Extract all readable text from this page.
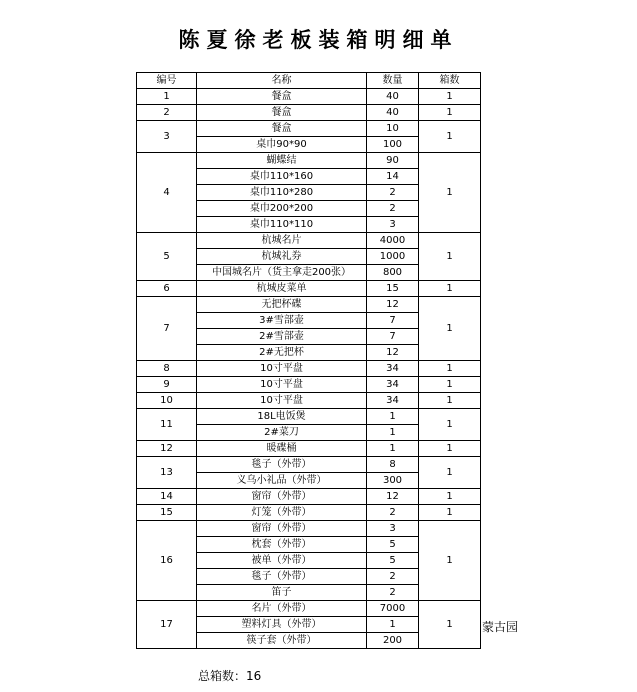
陈夏徐老板装箱明细单
编号	名称	数量	箱数
1	餐盒	40	1
2	餐盒	40	1
3	餐盒	10	1
	桌巾90*90	100	
4	蝴蝶结	90	1
	桌巾110*160	14	
	桌巾110*280	2	
	桌巾200*200	2	
	桌巾110*110	3	
5	杭城名片	4000	1
	杭城礼券	1000	
	中国城名片（货主拿走200张）	800	
6	杭城皮菜单	15	1
7	无把杯碟	12	1
	3#雪部壶	7	
	2#雪部壶	7	
	2#无把杯	12	
8	10寸平盘	34	1
9	10寸平盘	34	1
10	10寸平盘	34	1
11	18L电饭煲	1	1
	2#菜刀	1	
12	暖碟桶	1	1
13	毯子（外带）	8	1
	义乌小礼品（外带）	300	
14	窗帘（外带）	12	1
15	灯笼（外带）	2	1
16	窗帘（外带）	3	1
	枕套（外带）	5	
	被单（外带）	5	
	毯子（外带）	2	
	笛子	2	
17	名片（外带）	7000	1
	塑料灯具（外带）	1	
	筷子套（外带）	200	
蒙古园
总箱数：16
